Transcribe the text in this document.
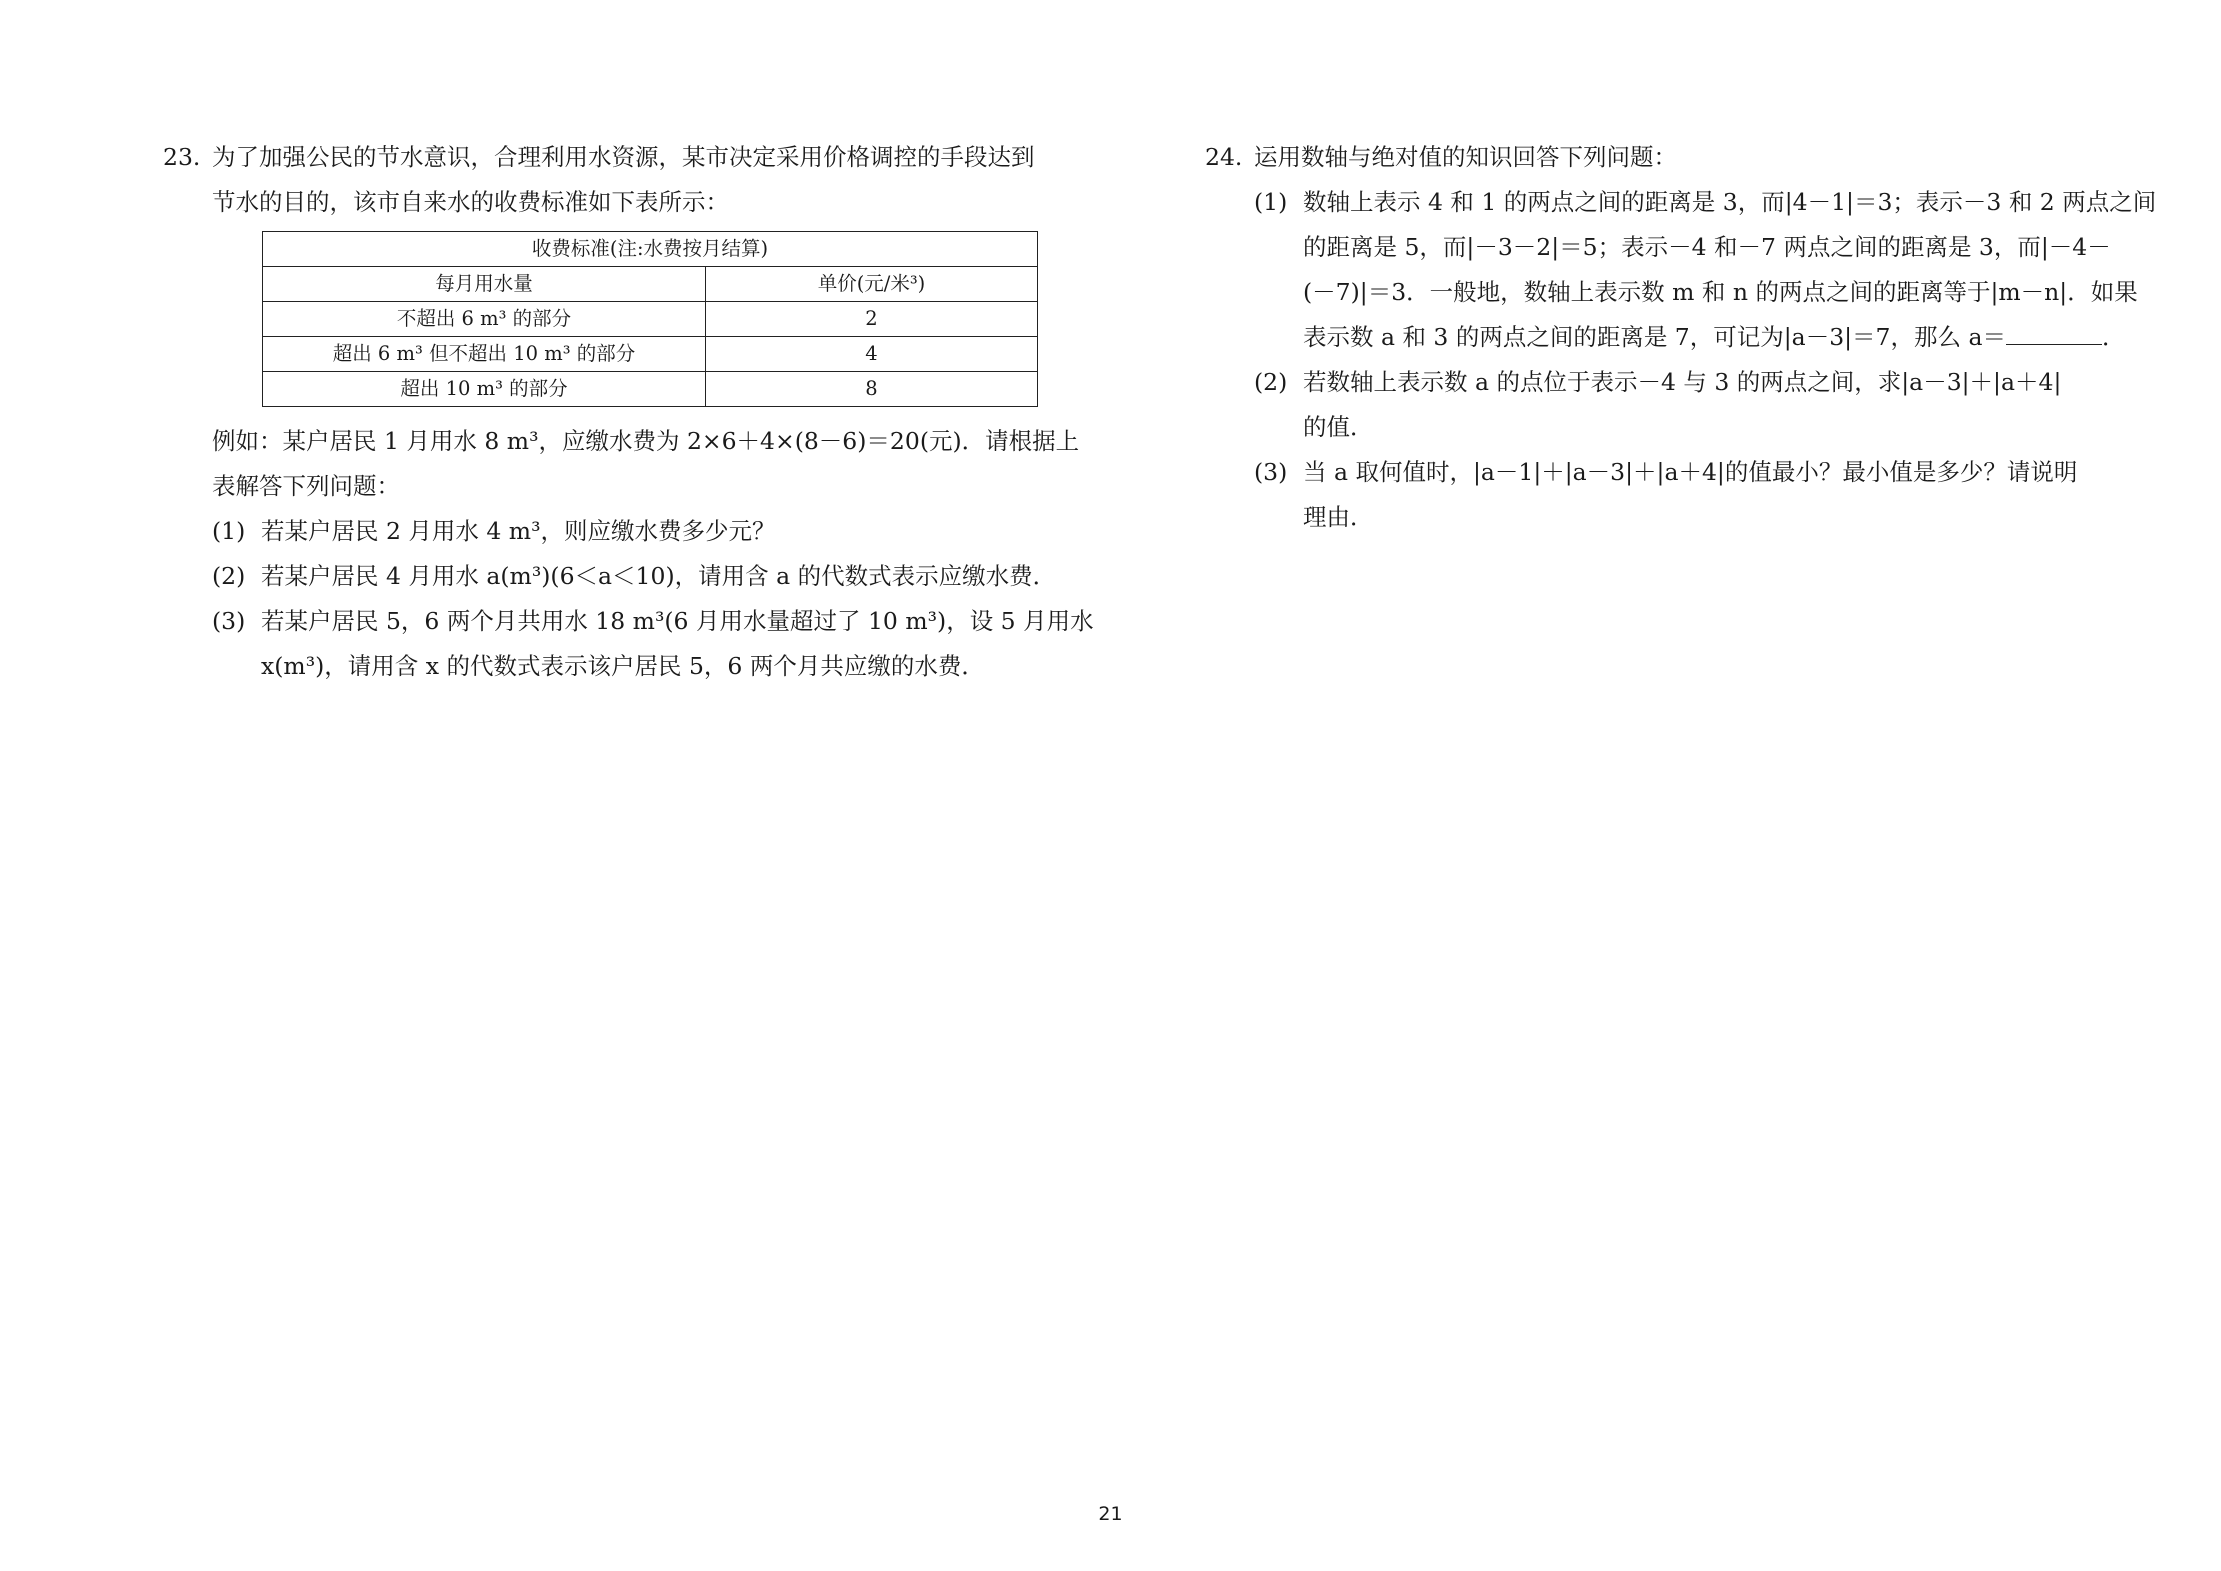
23. 为了加强公民的节水意识，合理利用水资源，某市决定采用价格调控的手段达到
节水的目的，该市自来水的收费标准如下表所示：
收费标准(注:水费按月结算)	
每月用水量	单价(元/米³)
不超出 6 m³ 的部分	2
超出 6 m³ 但不超出 10 m³ 的部分	4
超出 10 m³ 的部分	8
例如：某户居民 1 月用水 8 m³，应缴水费为 2×6＋4×(8－6)＝20(元)．请根据上
表解答下列问题：
(1) 若某户居民 2 月用水 4 m³，则应缴水费多少元？
(2) 若某户居民 4 月用水 a(m³)(6＜a＜10)，请用含 a 的代数式表示应缴水费．
(3) 若某户居民 5，6 两个月共用水 18 m³(6 月用水量超过了 10 m³)，设 5 月用水
x(m³)，请用含 x 的代数式表示该户居民 5，6 两个月共应缴的水费．
24. 运用数轴与绝对值的知识回答下列问题：
(1) 数轴上表示 4 和 1 的两点之间的距离是 3，而|4－1|＝3；表示－3 和 2 两点之间
的距离是 5，而|－3－2|＝5；表示－4 和－7 两点之间的距离是 3，而|－4－
(－7)|＝3．一般地，数轴上表示数 m 和 n 的两点之间的距离等于|m－n|．如果
表示数 a 和 3 的两点之间的距离是 7，可记为|a－3|＝7，那么 a＝	．
(2) 若数轴上表示数 a 的点位于表示－4 与 3 的两点之间，求|a－3|＋|a＋4|
的值．
(3) 当 a 取何值时，|a－1|＋|a－3|＋|a＋4|的值最小？最小值是多少？请说明
理由．
21
